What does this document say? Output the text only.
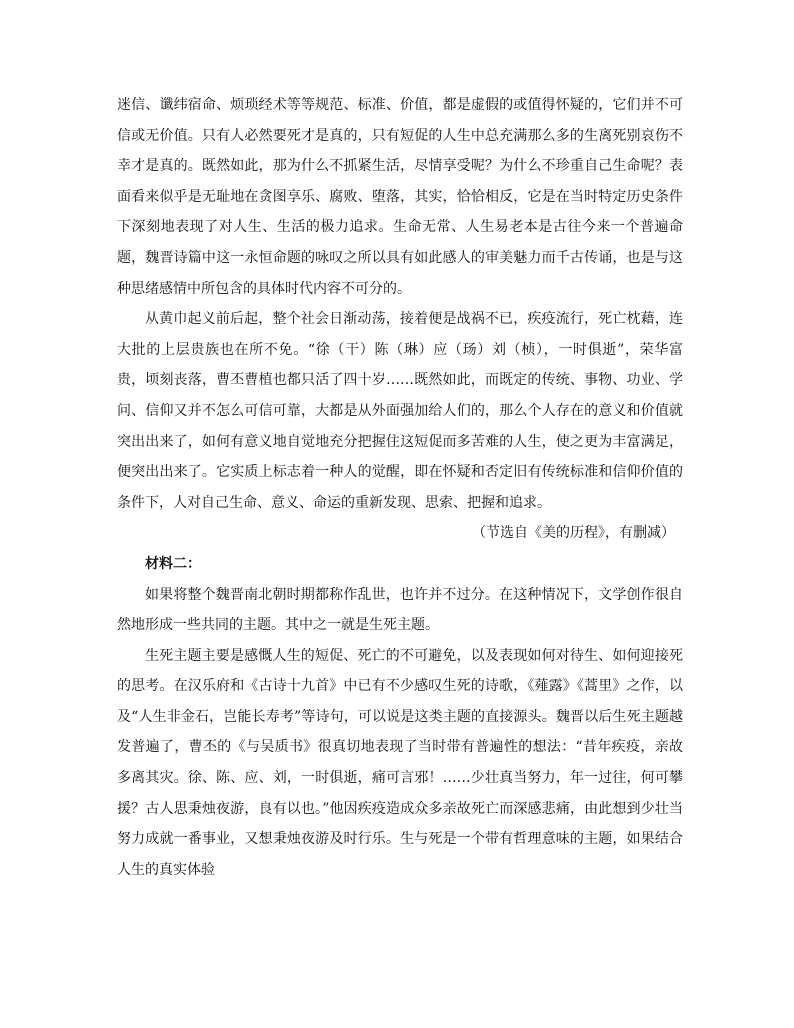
迷信、谶纬宿命、烦琐经术等等规范、标准、价值，都是虚假的或值得怀疑的，它们并不可信或无价值。只有人必然要死才是真的，只有短促的人生中总充满那么多的生离死别哀伤不幸才是真的。既然如此，那为什么不抓紧生活，尽情享受呢？为什么不珍重自己生命呢？表面看来似乎是无耻地在贪图享乐、腐败、堕落，其实，恰恰相反，它是在当时特定历史条件下深刻地表现了对人生、生活的极力追求。生命无常、人生易老本是古往今来一个普遍命题，魏晋诗篇中这一永恒命题的咏叹之所以具有如此感人的审美魅力而千古传诵，也是与这种思绪感情中所包含的具体时代内容不可分的。

从黄巾起义前后起，整个社会日渐动荡，接着便是战祸不已，疾疫流行，死亡枕藉，连大批的上层贵族也在所不免。“徐（干）陈（琳）应（玚）刘（桢），一时俱逝”，荣华富贵，顷刻丧落，曹丕曹植也都只活了四十岁……既然如此，而既定的传统、事物、功业、学问、信仰又并不怎么可信可靠，大都是从外面强加给人们的，那么个人存在的意义和价值就突出出来了，如何有意义地自觉地充分把握住这短促而多苦难的人生，使之更为丰富满足，便突出出来了。它实质上标志着一种人的觉醒，即在怀疑和否定旧有传统标准和信仰价值的条件下，人对自己生命、意义、命运的重新发现、思索、把握和追求。

（节选自《美的历程》，有删减）

材料二：

如果将整个魏晋南北朝时期都称作乱世，也许并不过分。在这种情况下，文学创作很自然地形成一些共同的主题。其中之一就是生死主题。

生死主题主要是感慨人生的短促、死亡的不可避免，以及表现如何对待生、如何迎接死的思考。在汉乐府和《古诗十九首》中已有不少感叹生死的诗歌，《薤露》《蒿里》之作，以及“人生非金石，岂能长寿考”等诗句，可以说是这类主题的直接源头。魏晋以后生死主题越发普遍了，曹丕的《与吴质书》很真切地表现了当时带有普遍性的想法：“昔年疾疫，亲故多离其灾。徐、陈、应、刘，一时俱逝，痛可言邪！……少壮真当努力，年一过往，何可攀援？古人思秉烛夜游，良有以也。”他因疾疫造成众多亲故死亡而深感悲痛，由此想到少壮当努力成就一番事业，又想秉烛夜游及时行乐。生与死是一个带有哲理意味的主题，如果结合人生的真实体验
